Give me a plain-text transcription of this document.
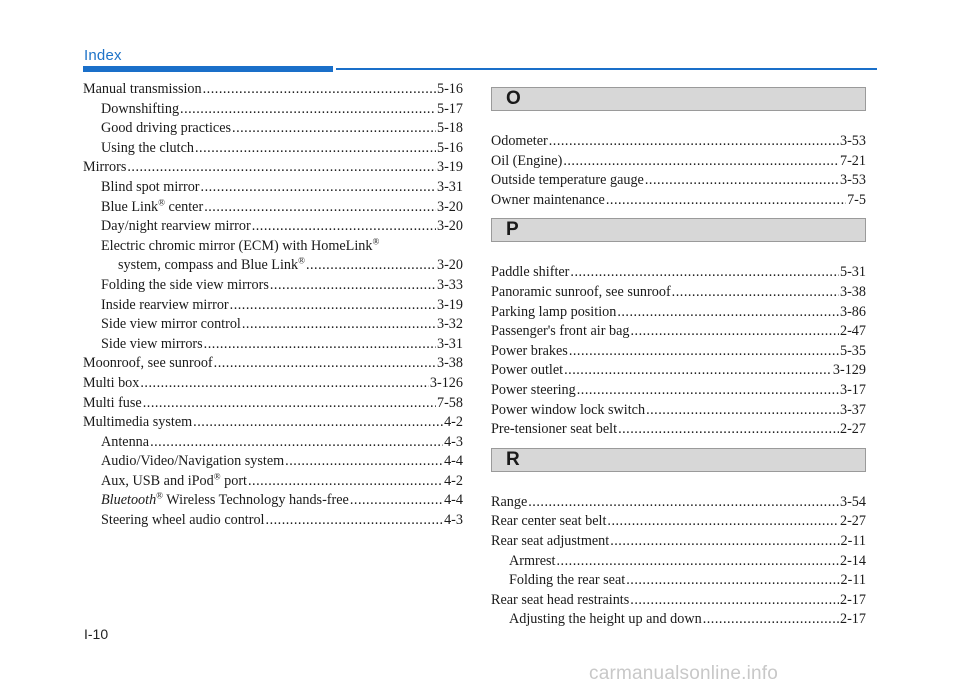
Index
Manual transmission .....	5-16
Downshifting .....	5-17
Good driving practices .....	5-18
Using the clutch .....	5-16
Mirrors .....	3-19
Blind spot mirror .....	3-31
Blue Link® center .....	3-20
Day/night rearview mirror .....	3-20
Electric chromic mirror (ECM) with HomeLink®
system, compass and Blue Link® .....	3-20
Folding the side view mirrors .....	3-33
Inside rearview mirror .....	3-19
Side view mirror control .....	3-32
Side view mirrors .....	3-31
Moonroof, see sunroof .....	3-38
Multi box .....	3-126
Multi fuse .....	7-58
Multimedia system .....	4-2
Antenna .....	4-3
Audio/Video/Navigation system .....	4-4
Aux, USB and iPod® port .....	4-2
Bluetooth® Wireless Technology hands-free .....	4-4
Steering wheel audio control .....	4-3
O
Odometer .....	3-53
Oil (Engine) .....	7-21
Outside temperature gauge .....	3-53
Owner maintenance .....	7-5
P
Paddle shifter .....	5-31
Panoramic sunroof, see sunroof .....	3-38
Parking lamp position .....	3-86
Passenger's front air bag .....	2-47
Power brakes .....	5-35
Power outlet .....	3-129
Power steering .....	3-17
Power window lock switch .....	3-37
Pre-tensioner seat belt .....	2-27
R
Range .....	3-54
Rear center seat belt .....	2-27
Rear seat adjustment .....	2-11
Armrest .....	2-14
Folding the rear seat .....	2-11
Rear seat head restraints .....	2-17
Adjusting the height up and down .....	2-17
I-10
carmanualsonline.info
